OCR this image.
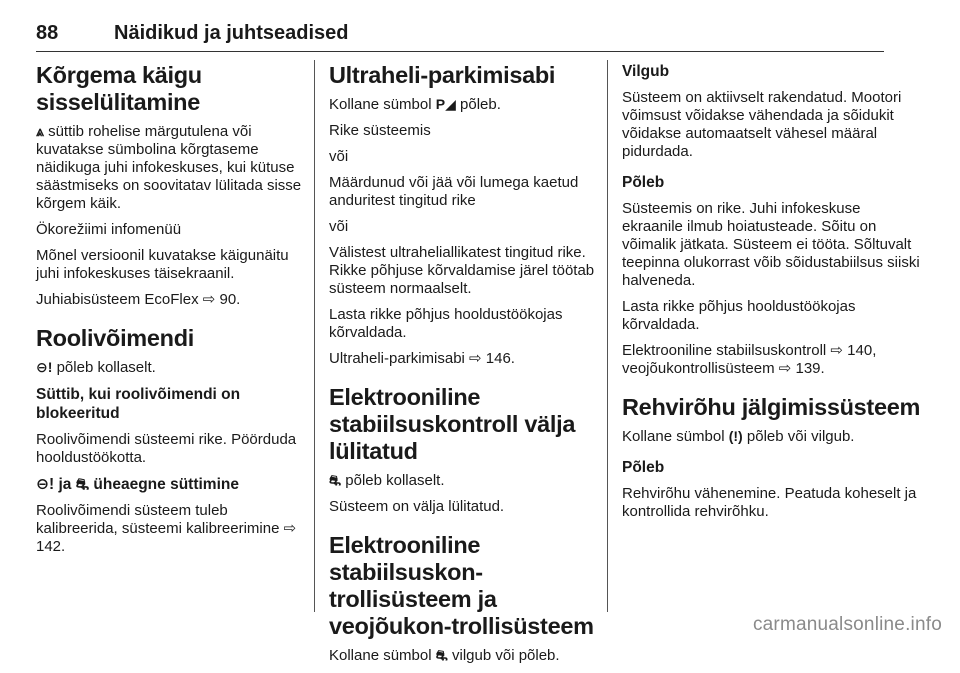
88	Näidikud ja juhtseadised
Kõrgema käigu sisselülitamine

⩓ süttib rohelise märgutulena või kuvatakse sümbolina kõrgtaseme näidikuga juhi infokeskuses, kui kütuse säästmiseks on soovitatav lülitada sisse kõrgem käik.

Ökorežiimi infomenüü

Mõnel versioonil kuvatakse käigunäitu juhi infokeskuses täisekraanil.

Juhiabisüsteem EcoFlex ⇨ 90.

Roolivõimendi

⊖! põleb kollaselt.

Süttib, kui roolivõimendi on blokeeritud

Roolivõimendi süsteemi rike. Pöörduda hooldustöökotta.

⊖! ja ⛐ üheaegne süttimine

Roolivõimendi süsteem tuleb kalibreerida, süsteemi kalibreerimine ⇨ 142.

Ultraheli-parkimisabi

Kollane sümbol P◢ põleb.

Rike süsteemis

või

Määrdunud või jää või lumega kaetud anduritest tingitud rike

või

Välistest ultraheliallikatest tingitud rike. Rikke põhjuse kõrvaldamise järel töötab süsteem normaalselt.

Lasta rikke põhjus hooldustöökojas kõrvaldada.

Ultraheli-parkimisabi ⇨ 146.

Elektrooniline stabiilsuskontroll välja lülitatud

⛐ põleb kollaselt.

Süsteem on välja lülitatud.

Elektrooniline stabiilsuskon-trollisüsteem ja veojõukon-trollisüsteem

Kollane sümbol ⛐ vilgub või põleb.

Vilgub

Süsteem on aktiivselt rakendatud. Mootori võimsust võidakse vähendada ja sõidukit võidakse automaatselt vähesel määral pidurdada.

Põleb

Süsteemis on rike. Juhi infokeskuse ekraanile ilmub hoiatusteade. Sõitu on võimalik jätkata. Süsteem ei tööta. Sõltuvalt teepinna olukorrast võib sõidustabiilsus siiski halveneda.

Lasta rikke põhjus hooldustöökojas kõrvaldada.

Elektrooniline stabiilsuskontroll ⇨ 140, veojõukontrollisüsteem ⇨ 139.

Rehvirõhu jälgimissüsteem

Kollane sümbol (!) põleb või vilgub.

Põleb

Rehvirõhu vähenemine. Peatuda koheselt ja kontrollida rehvirõhku.

carmanualsonline.info
